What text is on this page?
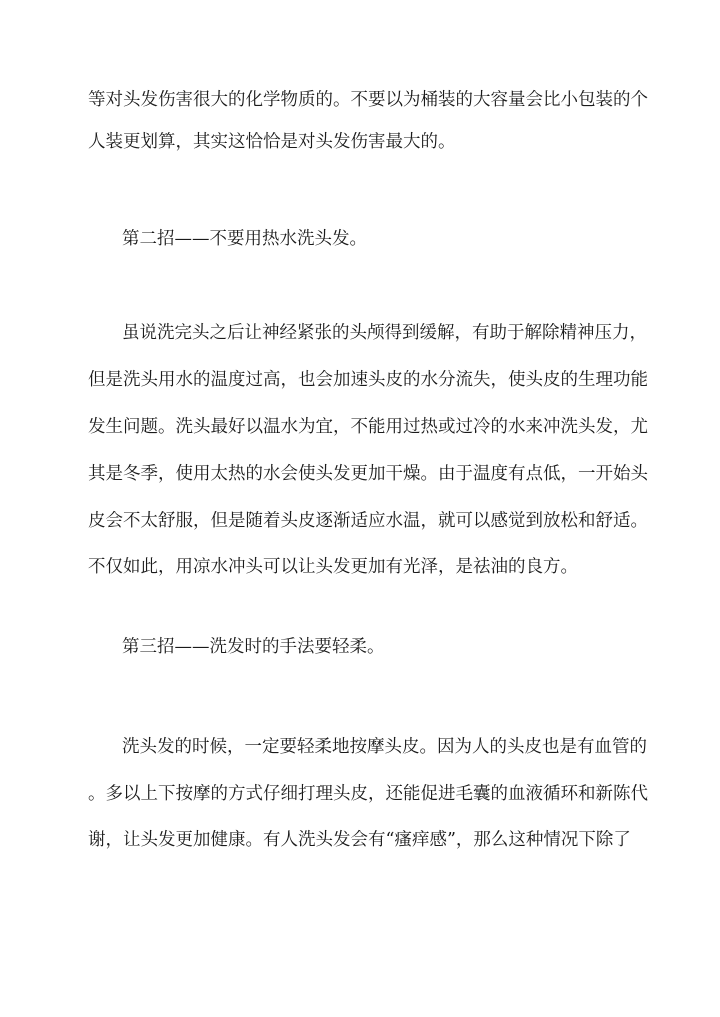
等对头发伤害很大的化学物质的。不要以为桶装的大容量会比小包装的个
人装更划算，其实这恰恰是对头发伤害最大的。
第二招——不要用热水洗头发。
虽说洗完头之后让神经紧张的头颅得到缓解，有助于解除精神压力，
但是洗头用水的温度过高，也会加速头皮的水分流失，使头皮的生理功能
发生问题。洗头最好以温水为宜，不能用过热或过冷的水来冲洗头发，尤
其是冬季，使用太热的水会使头发更加干燥。由于温度有点低，一开始头
皮会不太舒服，但是随着头皮逐渐适应水温，就可以感觉到放松和舒适。
不仅如此，用凉水冲头可以让头发更加有光泽，是祛油的良方。
第三招——洗发时的手法要轻柔。
洗头发的时候，一定要轻柔地按摩头皮。因为人的头皮也是有血管的
。多以上下按摩的方式仔细打理头皮，还能促进毛囊的血液循环和新陈代
谢，让头发更加健康。有人洗头发会有“瘙痒感”，那么这种情况下除了
